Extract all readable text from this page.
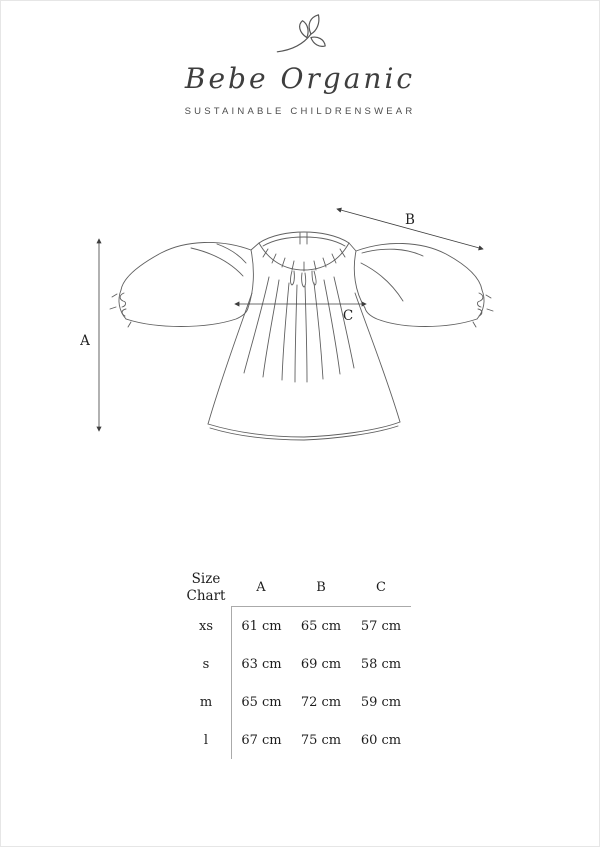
Bebe Organic
SUSTAINABLE CHILDRENSWEAR
A
B
C
Size
Chart
A	B	C
xs	61 cm	65 cm	57 cm
s	63 cm	69 cm	58 cm
m	65 cm	72 cm	59 cm
l	67 cm	75 cm	60 cm
